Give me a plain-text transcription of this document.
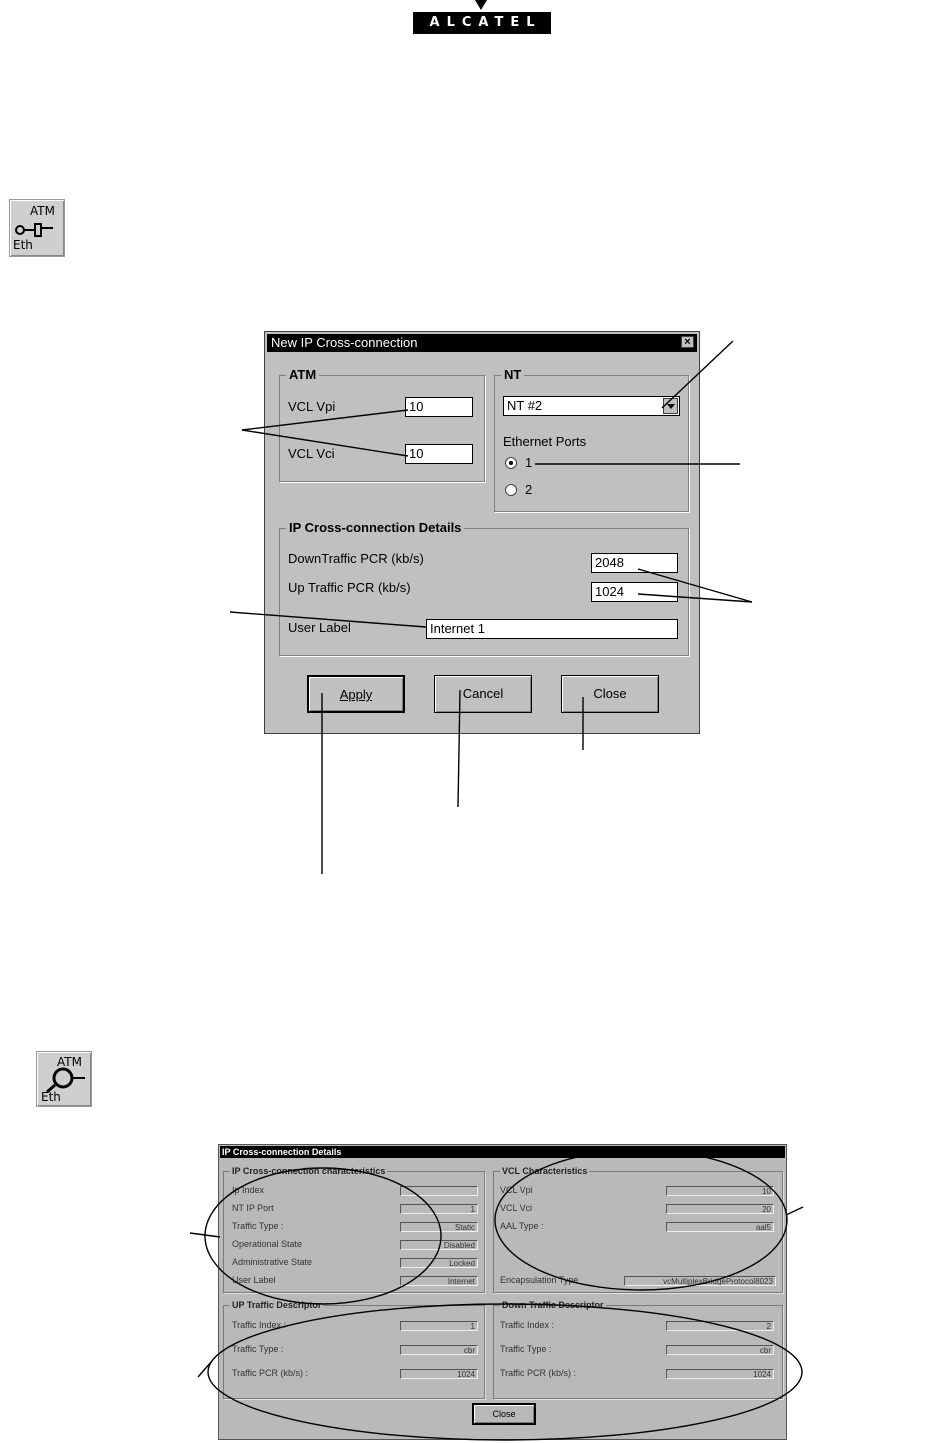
ALCATEL
ATM
Eth
New IP Cross-connection	×
ATM
VCL Vpi	10
VCL Vci	10
NT
NT #2
Ethernet Ports
1
2
IP Cross-connection Details
DownTraffic PCR (kb/s)	2048
Up Traffic PCR (kb/s)	1024
User Label	Internet 1
Apply	Cancel	Close
ATM
Eth
IP Cross-connection Details
IP Cross-connection characteristics
Ip Index
NT IP Port	1
Traffic Type :	Static
Operational State	Disabled
Administrative State	Locked
User Label	Internet
VCL Characteristics
VCL Vpi	10
VCL Vci	20
AAL Type :	aal5
Encapsulation Type	vcMultiplexBridgeProtocol8023
UP Traffic Descriptor
Traffic Index :	1
Traffic Type :	cbr
Traffic PCR (kb/s) :	1024
Down Traffic Descriptor
Traffic Index :	2
Traffic Type :	cbr
Traffic PCR (kb/s) :	1024
Close
